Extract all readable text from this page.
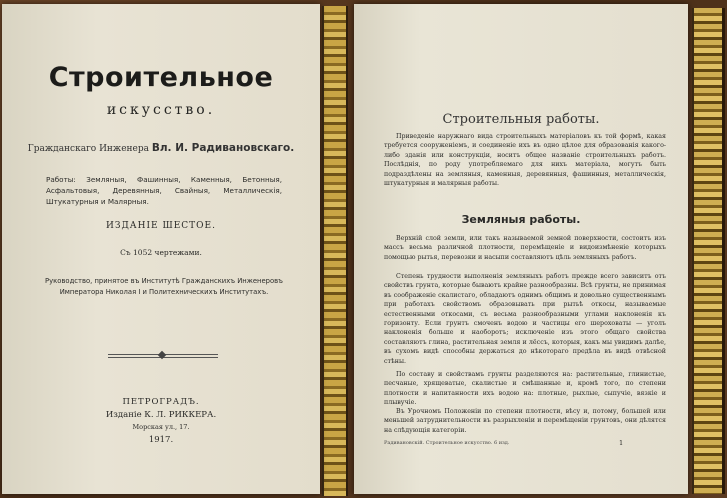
Строительное
искусство.
Гражданскаго Инженера Вл. И. Радивановскаго.
Работы: Земляныя, Фашинныя, Каменныя, Бетонныя, Асфальтовыя, Деревянныя, Свайныя, Металлическiя, Штукатурныя и Малярныя.
ИЗДАНIЕ ШЕСТОЕ.
Съ 1052 чертежами.
Руководство, принятое въ Институтѣ Гражданскихъ Инженеровъ Императора Николая I и Политехническихъ Институтахъ.
ПЕТРОГРАДЪ.
Изданiе К. Л. РИККЕРА.
Морская ул., 17.
1917.
Строительныя работы.
Приведенiе наружнаго вида строительныхъ матерiаловъ къ той формѣ, какая требуется сооруженiемъ, и соединенiе ихъ въ одно цѣлое для образованiя какого-либо зданiя или конструкцiи, носитъ общее названiе строительныхъ работъ. Послѣднiя, по роду употребляемаго для нихъ матерiала, могутъ быть подраздѣлены на земляныя, каменныя, деревянныя, фашинныя, металлическiя, штукатурныя и малярныя работы.
Земляныя работы.
Верхнiй слой земли, или такъ называемой земной поверхности, состоитъ изъ массъ весьма различной плотности, перемѣщенiе и видоизмѣненiе которыхъ помощью рытья, перевозки и насыпи составляютъ цѣль земляныхъ работъ.
Степень трудности выполненiя земляныхъ работъ прежде всего зависитъ отъ свойствъ грунта, которые бываютъ крайне разнообразны. Всѣ грунты, не принимая въ соображенiе скалистаго, обладаютъ однимъ общимъ и довольно существеннымъ при работахъ свойствомъ образовывать при рытьѣ откосы, называемые естественными откосами, съ весьма разнообразными углами наклоненiя къ горизонту. Если грунтъ смоченъ водою и частицы его шероховаты — уголъ наклоненiя больше и наоборотъ; исключенiе изъ этого общаго свойства составляютъ глина, растительная земля и лёссъ, которыя, какъ мы увидимъ далѣе, въ сухомъ видѣ способны держаться до нѣкотораго предѣла въ видѣ отвѣсной стѣны.
По составу и свойствамъ грунты разделяются на: растительные, глинистые, песчаные, хрящеватые, скалистые и смѣшанные и, кромѣ того, по степени плотности и напитанности ихъ водою на: плотные, рыхлые, сыпучiе, вязкiе и плывучiе.
Въ Урочномъ Положенiи по степени плотности, вѣсу и, потому, большей или меньшей затруднительности въ разрыхленiи и перемѣщенiи грунтовъ, они дѣлятся на слѣдующiя категорiи.
Радивановскiй. Строительное искусство. 6 изд.	1
